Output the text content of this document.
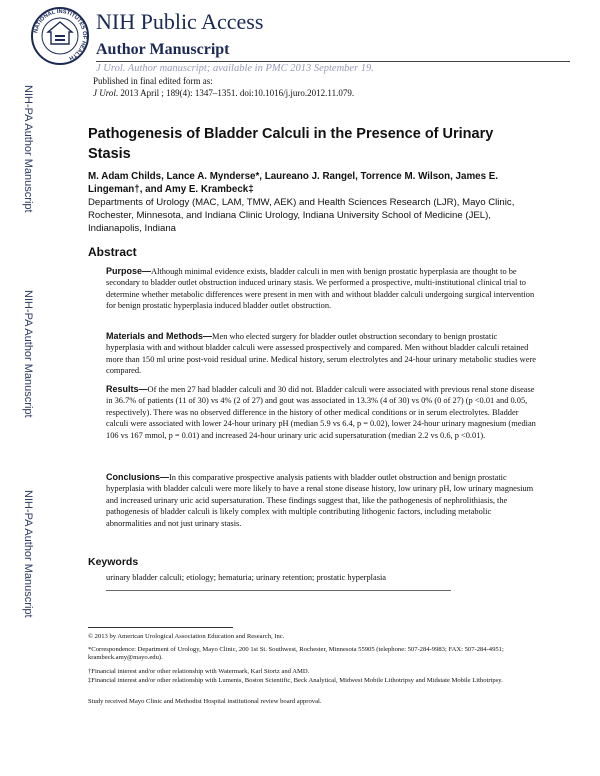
NATIONAL INSTITUTES OF HEALTH
NIH Public Access
Author Manuscript
J Urol. Author manuscript; available in PMC 2013 September 19.
Published in final edited form as:
J Urol. 2013 April ; 189(4): 1347–1351. doi:10.1016/j.juro.2012.11.079.
NIH-PA Author Manuscript
NIH-PA Author Manuscript
NIH-PA Author Manuscript
Pathogenesis of Bladder Calculi in the Presence of Urinary Stasis
M. Adam Childs, Lance A. Mynderse*, Laureano J. Rangel, Torrence M. Wilson, James E. Lingeman†, and Amy E. Krambeck‡
Departments of Urology (MAC, LAM, TMW, AEK) and Health Sciences Research (LJR), Mayo Clinic, Rochester, Minnesota, and Indiana Clinic Urology, Indiana University School of Medicine (JEL), Indianapolis, Indiana
Abstract
Purpose—Although minimal evidence exists, bladder calculi in men with benign prostatic hyperplasia are thought to be secondary to bladder outlet obstruction induced urinary stasis. We performed a prospective, multi-institutional clinical trial to determine whether metabolic differences were present in men with and without bladder calculi undergoing surgical intervention for benign prostatic hyperplasia induced bladder outlet obstruction.
Materials and Methods—Men who elected surgery for bladder outlet obstruction secondary to benign prostatic hyperplasia with and without bladder calculi were assessed prospectively and compared. Men without bladder calculi retained more than 150 ml urine post-void residual urine. Medical history, serum electrolytes and 24-hour urinary metabolic studies were compared.
Results—Of the men 27 had bladder calculi and 30 did not. Bladder calculi were associated with previous renal stone disease in 36.7% of patients (11 of 30) vs 4% (2 of 27) and gout was associated in 13.3% (4 of 30) vs 0% (0 of 27) (p <0.01 and 0.05, respectively). There was no observed difference in the history of other medical conditions or in serum electrolytes. Bladder calculi were associated with lower 24-hour urinary pH (median 5.9 vs 6.4, p = 0.02), lower 24-hour urinary magnesium (median 106 vs 167 mmol, p = 0.01) and increased 24-hour urinary uric acid supersaturation (median 2.2 vs 0.6, p <0.01).
Conclusions—In this comparative prospective analysis patients with bladder outlet obstruction and benign prostatic hyperplasia with bladder calculi were more likely to have a renal stone disease history, low urinary pH, low urinary magnesium and increased urinary uric acid supersaturation. These findings suggest that, like the pathogenesis of nephrolithiasis, the pathogenesis of bladder calculi is likely complex with multiple contributing lithogenic factors, including metabolic abnormalities and not just urinary stasis.
Keywords
urinary bladder calculi; etiology; hematuria; urinary retention; prostatic hyperplasia
© 2013 by American Urological Association Education and Research, Inc.
*Correspondence: Department of Urology, Mayo Clinic, 200 1st St. Southwest, Rochester, Minnesota 55905 (telephone: 507-284-9983; FAX: 507-284-4951; krambeck.amy@mayo.edu).
†Financial interest and/or other relationship with Watermark, Karl Stortz and AMD.
‡Financial interest and/or other relationship with Lumenis, Boston Scientific, Beck Analytical, Midwest Mobile Lithotripsy and Midstate Mobile Lithotripsy.
Study received Mayo Clinic and Methodist Hospital institutional review board approval.
